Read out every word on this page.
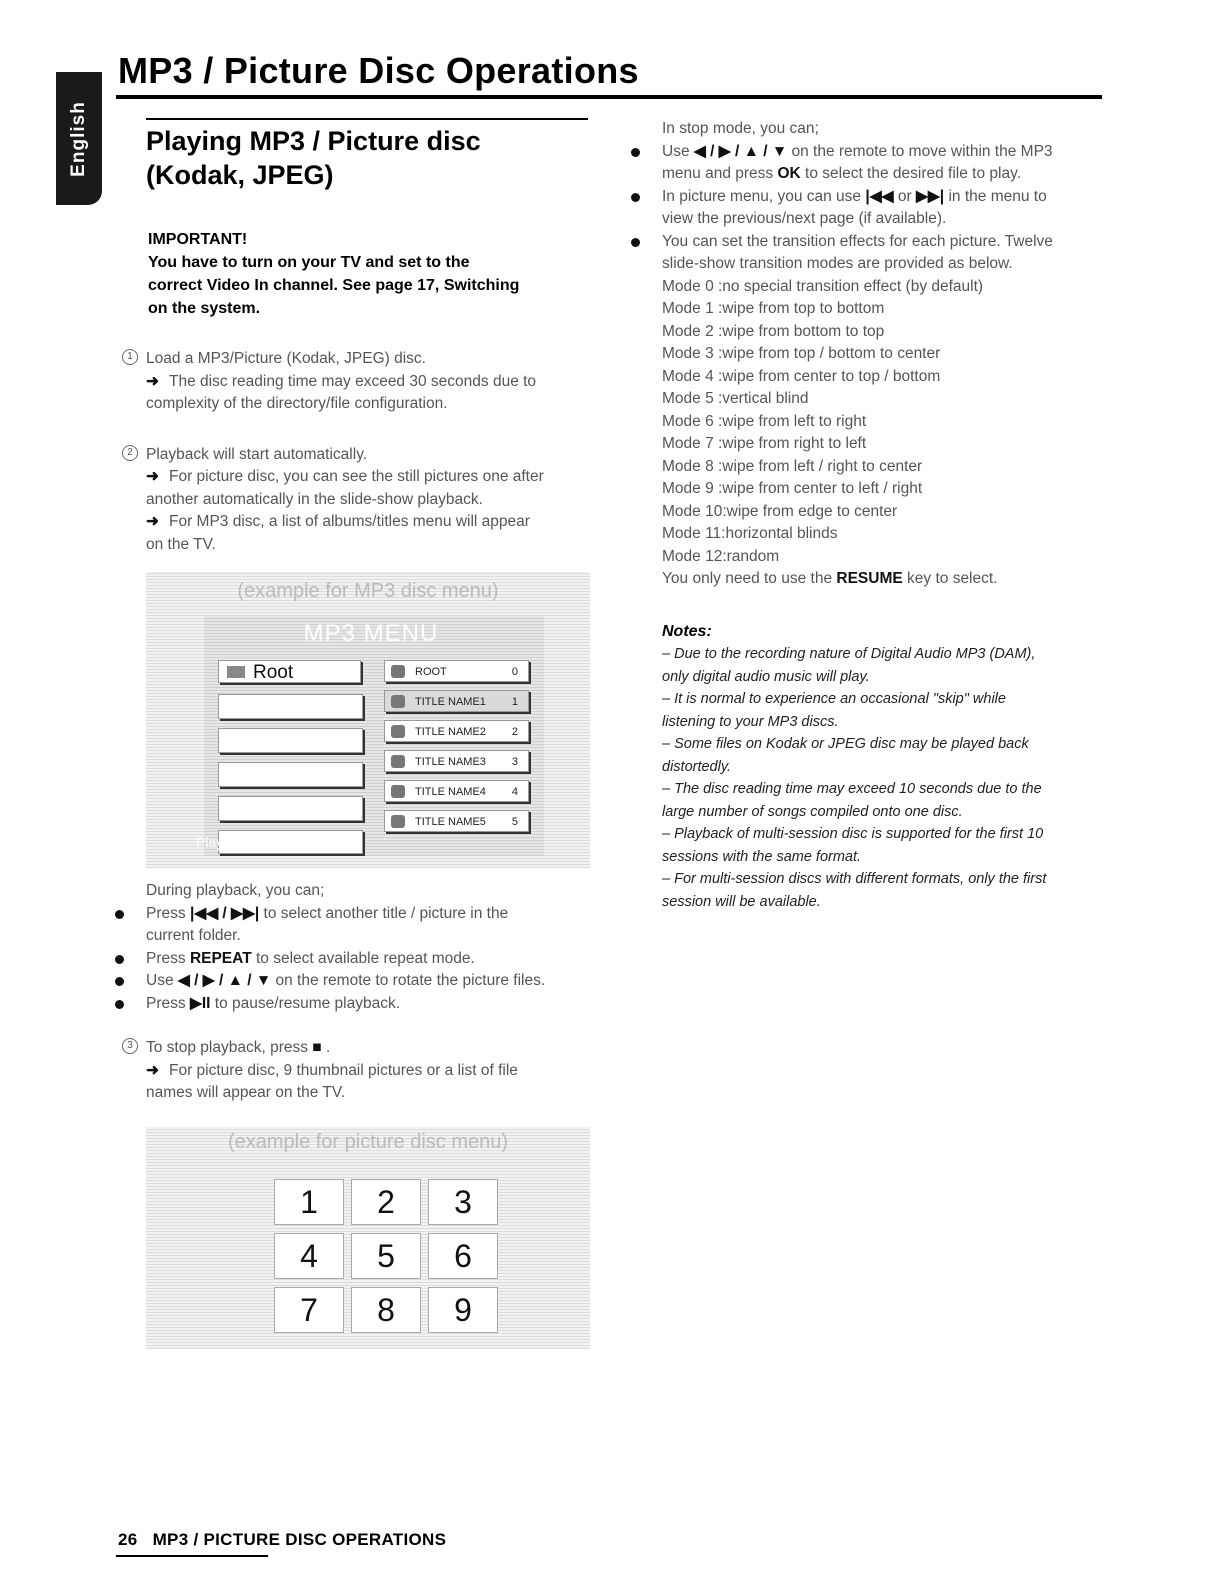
English
MP3 / Picture Disc Operations
Playing MP3 / Picture disc
(Kodak, JPEG)

IMPORTANT!

You have to turn on your TV and set to the

correct Video In channel. See page 17, Switching

on the system.

1 Load a MP3/Picture (Kodak, JPEG) disc.

➜ The disc reading time may exceed 30 seconds due to

complexity of the directory/file configuration.

2 Playback will start automatically.

➜ For picture disc, you can see the still pictures one after

another automatically in the slide-show playback.

➜ For MP3 disc, a list of albums/titles menu will appear

on the TV.

(example for MP3 disc menu)
MP3 MENU
Root	ROOT	0
TITLE NAME1 1
TITLE NAME2 2
TITLE NAME3 3
TITLE NAME4 4
TITLE NAME5 5
Playback Stop

During playback, you can;

Press |◀◀ / ▶▶| to select another title / picture in the

current folder.

Press REPEAT to select available repeat mode.

Use ◀ / ▶ / ▲ / ▼ on the remote to rotate the picture files.

Press ▶II to pause/resume playback.

3 To stop playback, press ■ .

➜ For picture disc, 9 thumbnail pictures or a list of file

names will appear on the TV.

(example for picture disc menu)
1	2	3
4	5	6
7	8	9

In stop mode, you can;

Use ◀ / ▶ / ▲ / ▼ on the remote to move within the MP3

menu and press OK to select the desired file to play.

In picture menu, you can use |◀◀ or ▶▶| in the menu to

view the previous/next page (if available).

You can set the transition effects for each picture. Twelve

slide-show transition modes are provided as below.

Mode 0 :no special transition effect (by default)

Mode 1 :wipe from top to bottom

Mode 2 :wipe from bottom to top

Mode 3 :wipe from top / bottom to center

Mode 4 :wipe from center to top / bottom

Mode 5 :vertical blind

Mode 6 :wipe from left to right

Mode 7 :wipe from right to left

Mode 8 :wipe from left / right to center

Mode 9 :wipe from center to left / right

Mode 10:wipe from edge to center

Mode 11:horizontal blinds

Mode 12:random

You only need to use the RESUME key to select.

Notes:

– Due to the recording nature of Digital Audio MP3 (DAM),

only digital audio music will play.

– It is normal to experience an occasional "skip" while

listening to your MP3 discs.

– Some files on Kodak or JPEG disc may be played back

distortedly.

– The disc reading time may exceed 10 seconds due to the

large number of songs compiled onto one disc.

– Playback of multi-session disc is supported for the first 10

sessions with the same format.

– For multi-session discs with different formats, only the first

session will be available.

26 MP3 / PICTURE DISC OPERATIONS
